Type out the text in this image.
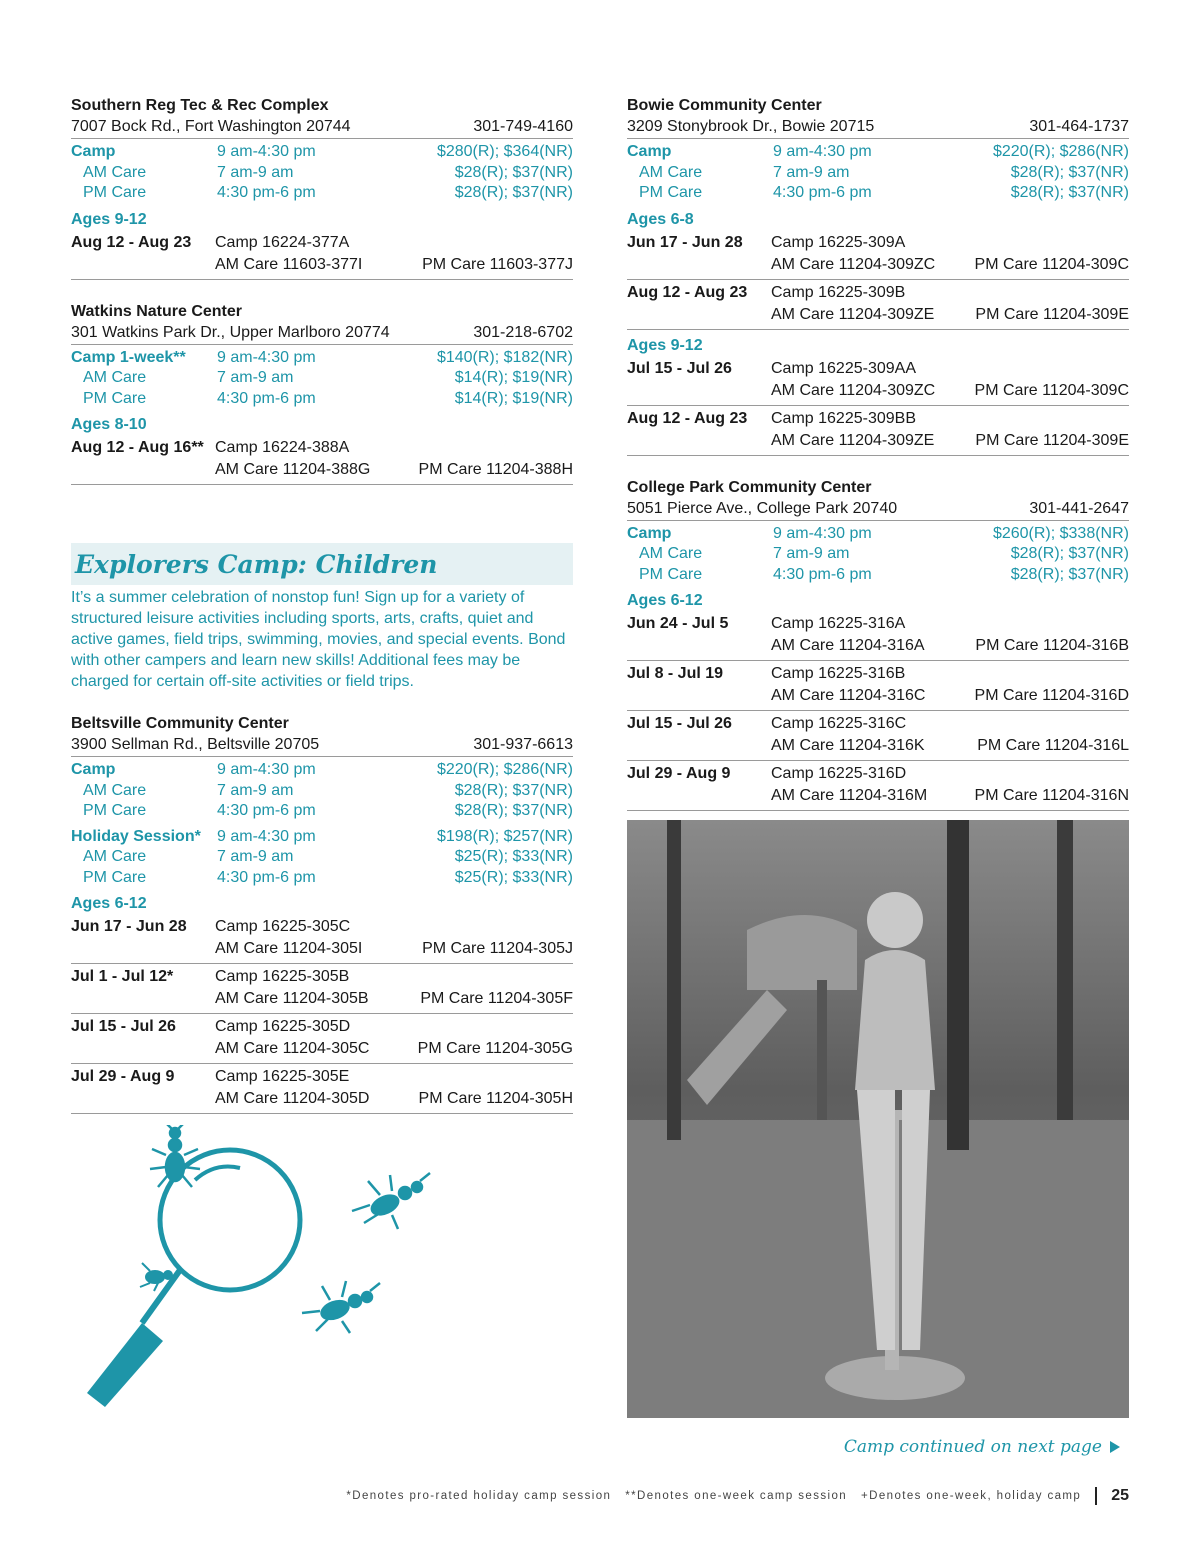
Southern Reg Tec & Rec Complex
7007 Bock Rd., Fort Washington 20744	301-749-4160
Camp	9 am-4:30 pm	$280(R); $364(NR)
AM Care	7 am-9 am	$28(R); $37(NR)
PM Care	4:30 pm-6 pm	$28(R); $37(NR)
Ages 9-12
Aug 12 - Aug 23	Camp 16224-377A
AM Care 11603-377I	PM Care 11603-377J
Watkins Nature Center
301 Watkins Park Dr., Upper Marlboro 20774	301-218-6702
Camp 1-week**	9 am-4:30 pm	$140(R); $182(NR)
AM Care	7 am-9 am	$14(R); $19(NR)
PM Care	4:30 pm-6 pm	$14(R); $19(NR)
Ages 8-10
Aug 12 - Aug 16** Camp 16224-388A
AM Care 11204-388G	PM Care 11204-388H
Explorers Camp: Children
It’s a summer celebration of nonstop fun! Sign up for a variety of structured leisure activities including sports, arts, crafts, quiet and active games, field trips, swimming, movies, and special events. Bond with other campers and learn new skills! Additional fees may be charged for certain off-site activities or field trips.
Beltsville Community Center
3900 Sellman Rd., Beltsville 20705	301-937-6613
Camp	9 am-4:30 pm	$220(R); $286(NR)
AM Care	7 am-9 am	$28(R); $37(NR)
PM Care	4:30 pm-6 pm	$28(R); $37(NR)
Holiday Session*	9 am-4:30 pm	$198(R); $257(NR)
AM Care	7 am-9 am	$25(R); $33(NR)
PM Care	4:30 pm-6 pm	$25(R); $33(NR)
Ages 6-12
Jun 17 - Jun 28	Camp 16225-305C
AM Care 11204-305I	PM Care 11204-305J
Jul 1 - Jul 12*	Camp 16225-305B
AM Care 11204-305B	PM Care 11204-305F
Jul 15 - Jul 26	Camp 16225-305D
AM Care 11204-305C	PM Care 11204-305G
Jul 29 - Aug 9	Camp 16225-305E
AM Care 11204-305D	PM Care 11204-305H
Bowie Community Center
3209 Stonybrook Dr., Bowie 20715	301-464-1737
Camp	9 am-4:30 pm	$220(R); $286(NR)
AM Care	7 am-9 am	$28(R); $37(NR)
PM Care	4:30 pm-6 pm	$28(R); $37(NR)
Ages 6-8
Jun 17 - Jun 28	Camp 16225-309A
AM Care 11204-309ZC	PM Care 11204-309C
Aug 12 - Aug 23	Camp 16225-309B
AM Care 11204-309ZE	PM Care 11204-309E
Ages 9-12
Jul 15 - Jul 26	Camp 16225-309AA
AM Care 11204-309ZC	PM Care 11204-309C
Aug 12 - Aug 23	Camp 16225-309BB
AM Care 11204-309ZE	PM Care 11204-309E
College Park Community Center
5051 Pierce Ave., College Park 20740	301-441-2647
Camp	9 am-4:30 pm	$260(R); $338(NR)
AM Care	7 am-9 am	$28(R); $37(NR)
PM Care	4:30 pm-6 pm	$28(R); $37(NR)
Ages 6-12
Jun 24 - Jul 5	Camp 16225-316A
AM Care 11204-316A	PM Care 11204-316B
Jul 8 - Jul 19	Camp 16225-316B
AM Care 11204-316C	PM Care 11204-316D
Jul 15 - Jul 26	Camp 16225-316C
AM Care 11204-316K	PM Care 11204-316L
Jul 29 - Aug 9	Camp 16225-316D
AM Care 11204-316M	PM Care 11204-316N
Camp continued on next page
*Denotes pro-rated holiday camp session **Denotes one-week camp session +Denotes one-week, holiday camp 25
